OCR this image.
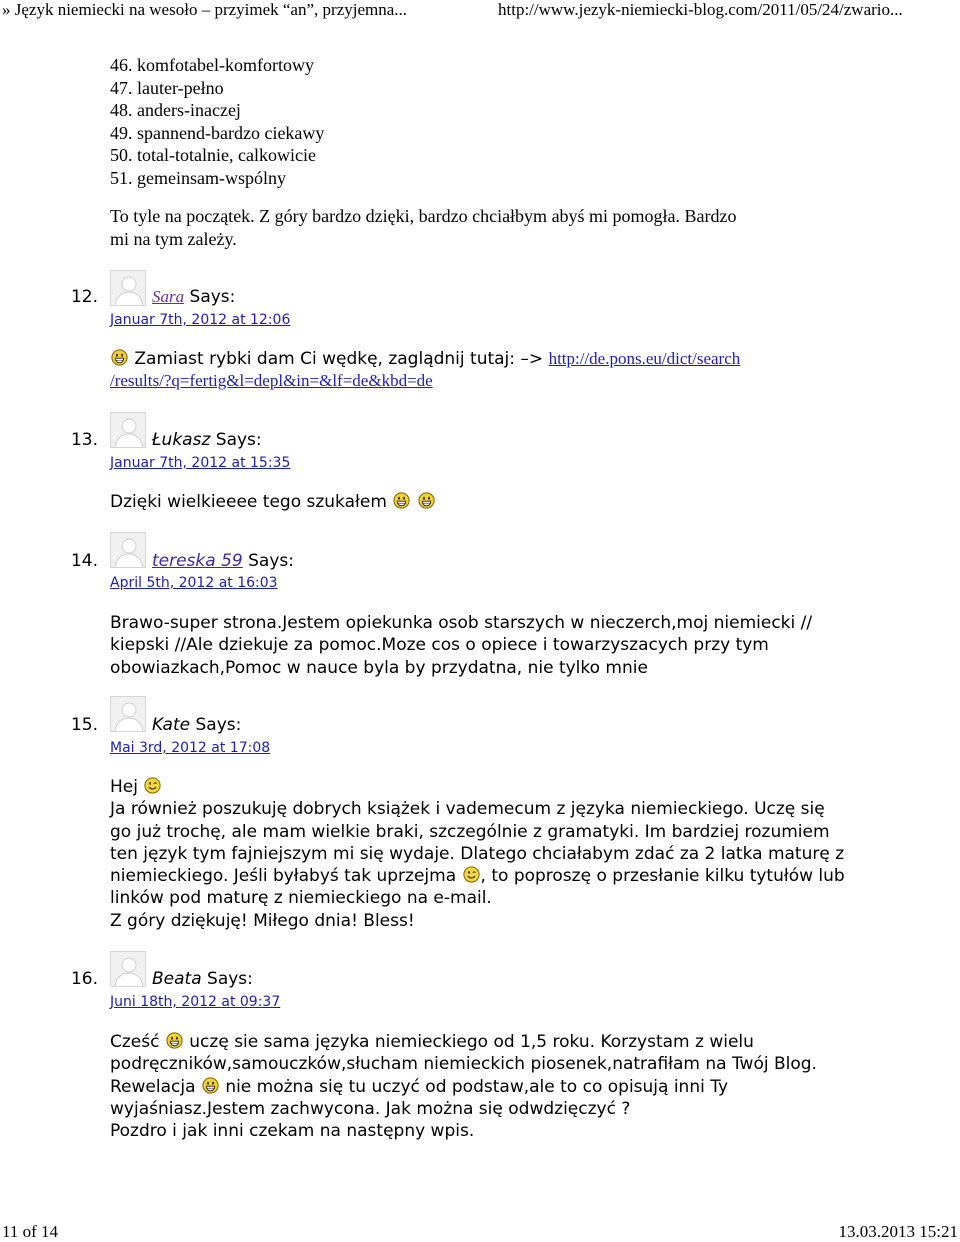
» Język niemiecki na wesoło – przyimek “an”, przyjemna...	http://www.jezyk-niemiecki-blog.com/2011/05/24/zwario...
46. komfotabel-komfortowy
47. lauter-pełno
48. anders-inaczej
49. spannend-bardzo ciekawy
50. total-totalnie, calkowicie
51. gemeinsam-wspólny
To tyle na początek. Z góry bardzo dzięki, bardzo chciałbym abyś mi pomogła. Bardzo
mi na tym zależy.
12.	Sara Says:
Januar 7th, 2012 at 12:06
Zamiast rybki dam Ci wędkę, zaglądnij tutaj: –> http://de.pons.eu/dict/search
/results/?q=fertig&l=depl&in=&lf=de&kbd=de
13.	Łukasz Says:
Januar 7th, 2012 at 15:35
Dzięki wielkieeee tego szukałem
14.	tereska 59 Says:
April 5th, 2012 at 16:03
Brawo-super strona.Jestem opiekunka osob starszych w nieczerch,moj niemiecki //
kiepski //Ale dziekuje za pomoc.Moze cos o opiece i towarzyszacych przy tym
obowiazkach,Pomoc w nauce byla by przydatna, nie tylko mnie
15.	Kate Says:
Mai 3rd, 2012 at 17:08
Hej
Ja również poszukuję dobrych książek i vademecum z języka niemieckiego. Uczę się
go już trochę, ale mam wielkie braki, szczególnie z gramatyki. Im bardziej rozumiem
ten język tym fajniejszym mi się wydaje. Dlatego chciałabym zdać za 2 latka maturę z
niemieckiego. Jeśli byłabyś tak uprzejma , to poproszę o przesłanie kilku tytułów lub
linków pod maturę z niemieckiego na e-mail.
Z góry dziękuję! Miłego dnia! Bless!
16.	Beata Says:
Juni 18th, 2012 at 09:37
Cześć uczę sie sama języka niemieckiego od 1,5 roku. Korzystam z wielu
podręczników,samouczków,słucham niemieckich piosenek,natrafiłam na Twój Blog.
Rewelacja nie można się tu uczyć od podstaw,ale to co opisują inni Ty
wyjaśniasz.Jestem zachwycona. Jak można się odwdzięczyć ?
Pozdro i jak inni czekam na następny wpis.
11 of 14	13.03.2013 15:21
